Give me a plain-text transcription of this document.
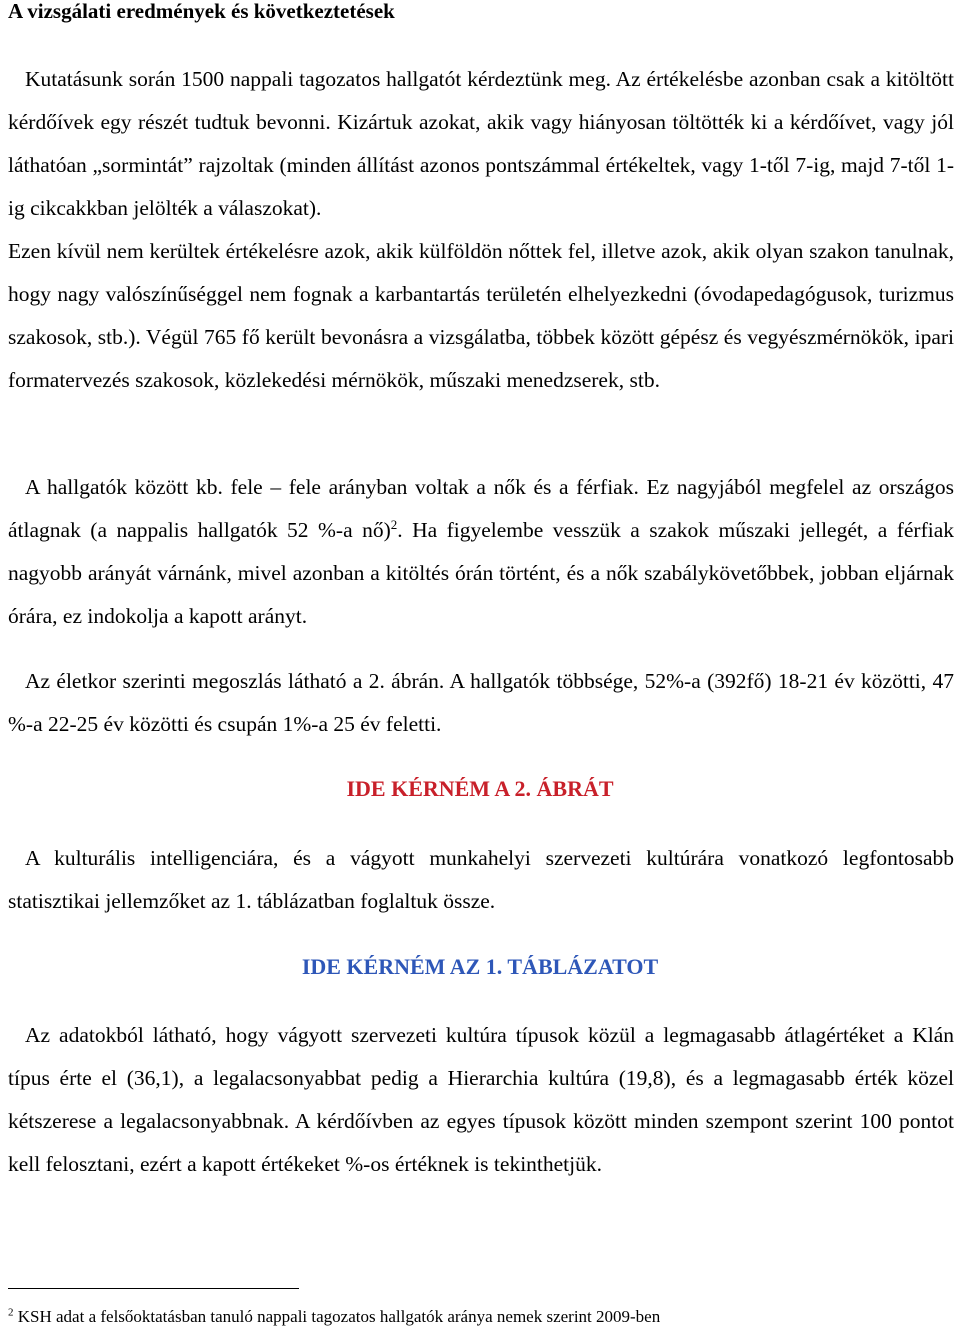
A vizsgálati eredmények és következtetések

Kutatásunk során 1500 nappali tagozatos hallgatót kérdeztünk meg. Az értékelésbe azonban csak a kitöltött kérdőívek egy részét tudtuk bevonni. Kizártuk azokat, akik vagy hiányosan töltötték ki a kérdőívet, vagy jól láthatóan „sormintát” rajzoltak (minden állítást azonos pontszámmal értékeltek, vagy 1-től 7-ig, majd 7-től 1-ig cikcakkban jelölték a válaszokat).

Ezen kívül nem kerültek értékelésre azok, akik külföldön nőttek fel, illetve azok, akik olyan szakon tanulnak, hogy nagy valószínűséggel nem fognak a karbantartás területén elhelyezkedni (óvodapedagógusok, turizmus szakosok, stb.). Végül 765 fő került bevonásra a vizsgálatba, többek között gépész és vegyészmérnökök, ipari formatervezés szakosok, közlekedési mérnökök, műszaki menedzserek, stb.

A hallgatók között kb. fele – fele arányban voltak a nők és a férfiak. Ez nagyjából megfelel az országos átlagnak (a nappalis hallgatók 52 %-a nő)$^2$. Ha figyelembe vesszük a szakok műszaki jellegét, a férfiak nagyobb arányát várnánk, mivel azonban a kitöltés órán történt, és a nők szabálykövetőbbek, jobban eljárnak órára, ez indokolja a kapott arányt.

Az életkor szerinti megoszlás látható a 2. ábrán. A hallgatók többsége, 52%-a (392fő) 18-21 év közötti, 47 %-a 22-25 év közötti és csupán 1%-a 25 év feletti.

IDE KÉRNÉM A 2. ÁBRÁT

A kulturális intelligenciára, és a vágyott munkahelyi szervezeti kultúrára vonatkozó legfontosabb statisztikai jellemzőket az 1. táblázatban foglaltuk össze.

IDE KÉRNÉM AZ 1. TÁBLÁZATOT

Az adatokból látható, hogy vágyott szervezeti kultúra típusok közül a legmagasabb átlagértéket a Klán típus érte el (36,1), a legalacsonyabbat pedig a Hierarchia kultúra (19,8), és a legmagasabb érték közel kétszerese a legalacsonyabbnak. A kérdőívben az egyes típusok között minden szempont szerint 100 pontot kell felosztani, ezért a kapott értékeket %-os értéknek is tekinthetjük.

$^2$ KSH adat a felsőoktatásban tanuló nappali tagozatos hallgatók aránya nemek szerint 2009-ben
